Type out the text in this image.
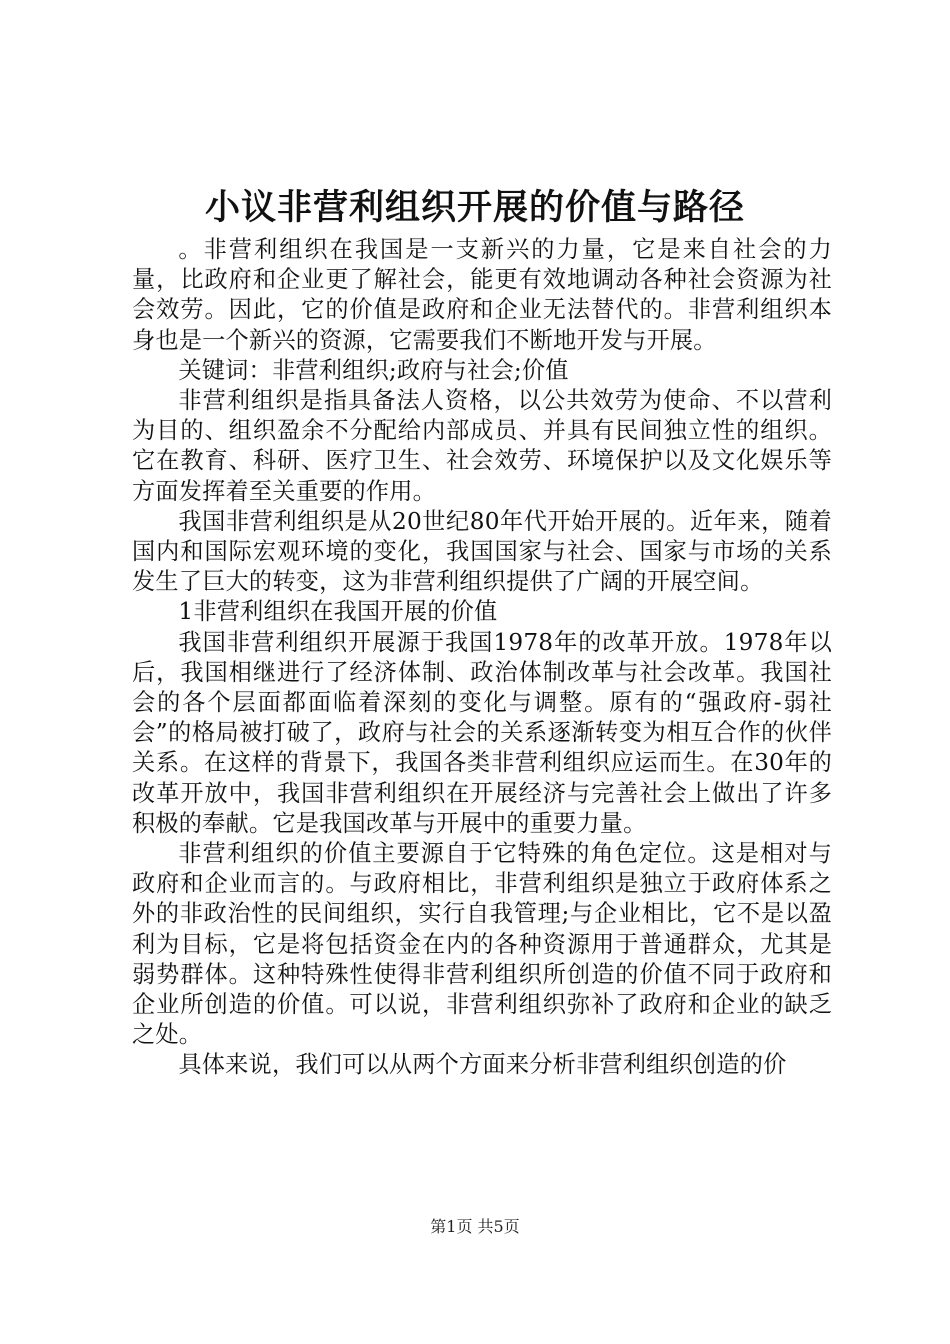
小议非营利组织开展的价值与路径

。非营利组织在我国是一支新兴的力量，它是来自社会的力量，比政府和企业更了解社会，能更有效地调动各种社会资源为社会效劳。因此，它的价值是政府和企业无法替代的。非营利组织本身也是一个新兴的资源，它需要我们不断地开发与开展。

关键词：非营利组织;政府与社会;价值

非营利组织是指具备法人资格，以公共效劳为使命、不以营利为目的、组织盈余不分配给内部成员、并具有民间独立性的组织。它在教育、科研、医疗卫生、社会效劳、环境保护以及文化娱乐等方面发挥着至关重要的作用。

我国非营利组织是从20世纪80年代开始开展的。近年来，随着国内和国际宏观环境的变化，我国国家与社会、国家与市场的关系发生了巨大的转变，这为非营利组织提供了广阔的开展空间。

1非营利组织在我国开展的价值

我国非营利组织开展源于我国1978年的改革开放。1978年以后，我国相继进行了经济体制、政治体制改革与社会改革。我国社会的各个层面都面临着深刻的变化与调整。原有的“强政府-弱社会”的格局被打破了，政府与社会的关系逐渐转变为相互合作的伙伴关系。在这样的背景下，我国各类非营利组织应运而生。在30年的改革开放中，我国非营利组织在开展经济与完善社会上做出了许多积极的奉献。它是我国改革与开展中的重要力量。

非营利组织的价值主要源自于它特殊的角色定位。这是相对与政府和企业而言的。与政府相比，非营利组织是独立于政府体系之外的非政治性的民间组织，实行自我管理;与企业相比，它不是以盈利为目标，它是将包括资金在内的各种资源用于普通群众，尤其是弱势群体。这种特殊性使得非营利组织所创造的价值不同于政府和企业所创造的价值。可以说，非营利组织弥补了政府和企业的缺乏之处。

具体来说，我们可以从两个方面来分析非营利组织创造的价

第1页 共5页
